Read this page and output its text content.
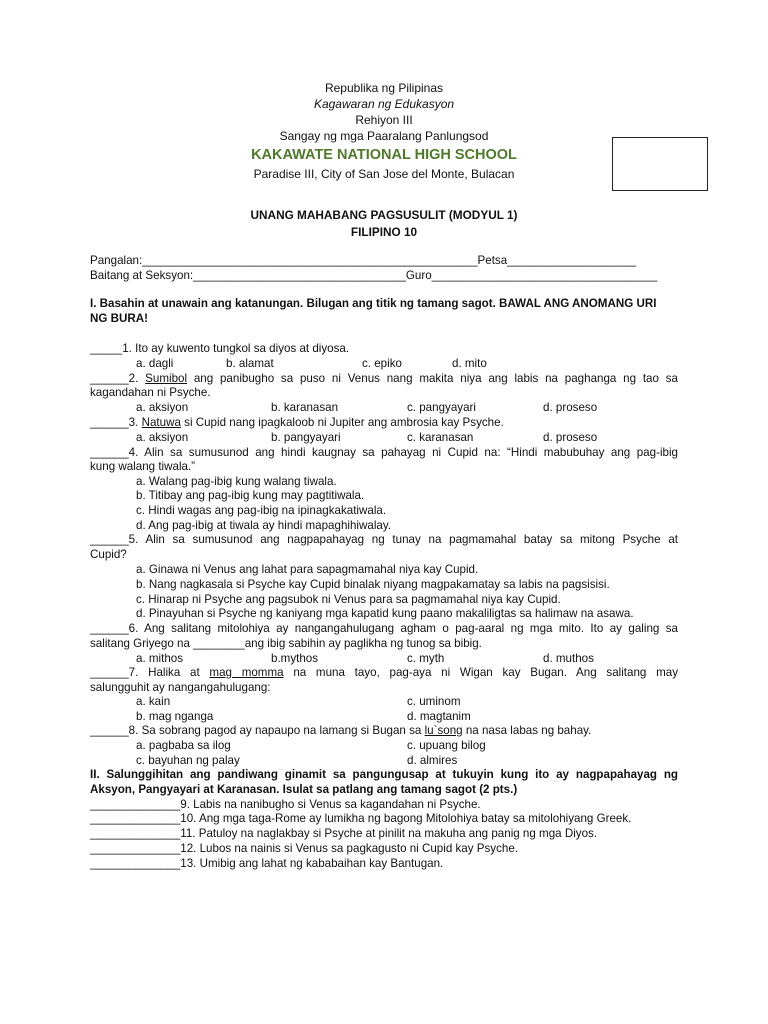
Republika ng Pilipinas
Kagawaran ng Edukasyon
Rehiyon III
Sangay ng mga Paaralang Panlungsod
KAKAWATE NATIONAL HIGH SCHOOL
Paradise III, City of San Jose del Monte, Bulacan
UNANG MAHABANG PAGSUSULIT (MODYUL 1)
FILIPINO 10
Pangalan:____________________________________________________Petsa____________________
Baitang at Seksyon:_________________________________Guro___________________________________
I. Basahin at unawain ang katanungan. Bilugan ang titik ng tamang sagot. BAWAL ANG ANOMANG URI
NG BURA!
_____1. Ito ay kuwento tungkol sa diyos at diyosa.
a. dagli	b. alamat	c. epiko	d. mito
______2. Sumibol ang panibugho sa puso ni Venus nang makita niya ang labis na paghanga ng tao sa
kagandahan ni Psyche.
a. aksiyon	b. karanasan	c. pangyayari	d. proseso
______3. Natuwa si Cupid nang ipagkaloob ni Jupiter ang ambrosia kay Psyche.
a. aksiyon	b. pangyayari	c. karanasan	d. proseso
______4. Alin sa sumusunod ang hindi kaugnay sa pahayag ni Cupid na: “Hindi mabubuhay ang pag-ibig
kung walang tiwala.”
a. Walang pag-ibig kung walang tiwala.
b. Titibay ang pag-ibig kung may pagtitiwala.
c. Hindi wagas ang pag-ibig na ipinagkakatiwala.
d. Ang pag-ibig at tiwala ay hindi mapaghihiwalay.
______5. Alin sa sumusunod ang nagpapahayag ng tunay na pagmamahal batay sa mitong Psyche at
Cupid?
a. Ginawa ni Venus ang lahat para sapagmamahal niya kay Cupid.
b. Nang nagkasala si Psyche kay Cupid binalak niyang magpakamatay sa labis na pagsisisi.
c. Hinarap ni Psyche ang pagsubok ni Venus para sa pagmamahal niya kay Cupid.
d. Pinayuhan si Psyche ng kaniyang mga kapatid kung paano makaliligtas sa halimaw na asawa.
______6. Ang salitang mitolohiya ay nangangahulugang agham o pag-aaral ng mga mito. Ito ay galing sa
salitang Griyego na ________ang ibig sabihin ay paglikha ng tunog sa bibig.
a. mithos	b.mythos	c. myth	d. muthos
______7. Halika at mag momma na muna tayo, pag-aya ni Wigan kay Bugan. Ang salitang may
salungguhit ay nangangahulugang:
a. kain	c. uminom
b. mag nganga	d. magtanim
______8. Sa sobrang pagod ay napaupo na lamang si Bugan sa lu`song na nasa labas ng bahay.
a. pagbaba sa ilog	c. upuang bilog
c. bayuhan ng palay	d. almires
II. Salunggihitan ang pandiwang ginamit sa pangungusap at tukuyin kung ito ay nagpapahayag ng
Aksyon, Pangyayari at Karanasan. Isulat sa patlang ang tamang sagot (2 pts.)
______________9. Labis na nanibugho si Venus sa kagandahan ni Psyche.
______________10. Ang mga taga-Rome ay lumikha ng bagong Mitolohiya batay sa mitolohiyang Greek.
______________11. Patuloy na naglakbay si Psyche at pinilit na makuha ang panig ng mga Diyos.
______________12. Lubos na nainis si Venus sa pagkagusto ni Cupid kay Psyche.
______________13. Umibig ang lahat ng kababaihan kay Bantugan.
